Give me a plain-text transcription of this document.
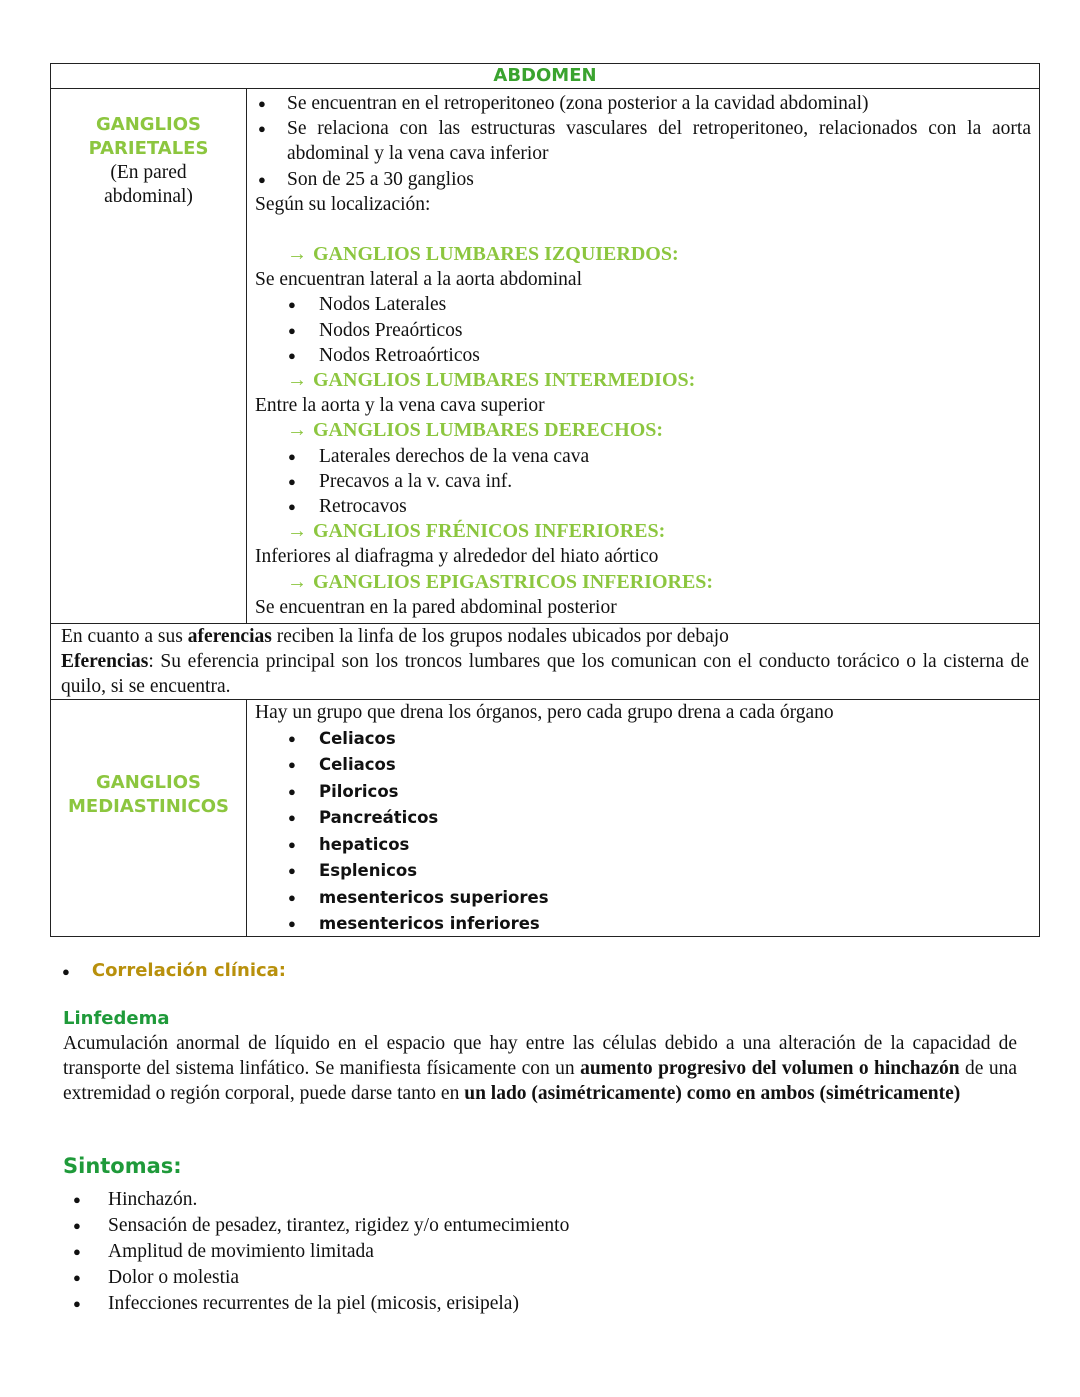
ABDOMEN
GANGLIOS
PARIETALES
(En pared
abdominal)
● Se encuentran en el retroperitoneo (zona posterior a la cavidad abdominal)
● Se relaciona con las estructuras vasculares del retroperitoneo, relacionados con la aorta abdominal y la vena cava inferior
● Son de 25 a 30 ganglios
Según su localización:
→ GANGLIOS LUMBARES IZQUIERDOS:
Se encuentran lateral a la aorta abdominal
● Nodos Laterales
● Nodos Preaórticos
● Nodos Retroaórticos
→ GANGLIOS LUMBARES INTERMEDIOS:
Entre la aorta y la vena cava superior
→ GANGLIOS LUMBARES DERECHOS:
● Laterales derechos de la vena cava
● Precavos a la v. cava inf.
● Retrocavos
→ GANGLIOS FRÉNICOS INFERIORES:
Inferiores al diafragma y alrededor del hiato aórtico
→ GANGLIOS EPIGASTRICOS INFERIORES:
Se encuentran en la pared abdominal posterior
En cuanto a sus aferencias reciben la linfa de los grupos nodales ubicados por debajo
Eferencias: Su eferencia principal son los troncos lumbares que los comunican con el conducto torácico o la cisterna de quilo, si se encuentra.
GANGLIOS
MEDIASTINICOS
Hay un grupo que drena los órganos, pero cada grupo drena a cada órgano
● Celiacos
● Celiacos
● Piloricos
● Pancreáticos
● hepaticos
● Esplenicos
● mesentericos superiores
● mesentericos inferiores
● Correlación clínica:
Linfedema
Acumulación anormal de líquido en el espacio que hay entre las células debido a una alteración de la capacidad de transporte del sistema linfático. Se manifiesta físicamente con un aumento progresivo del volumen o hinchazón de una extremidad o región corporal, puede darse tanto en un lado (asimétricamente) como en ambos (simétricamente)
Sintomas:
● Hinchazón.
● Sensación de pesadez, tirantez, rigidez y/o entumecimiento
● Amplitud de movimiento limitada
● Dolor o molestia
● Infecciones recurrentes de la piel (micosis, erisipela)
